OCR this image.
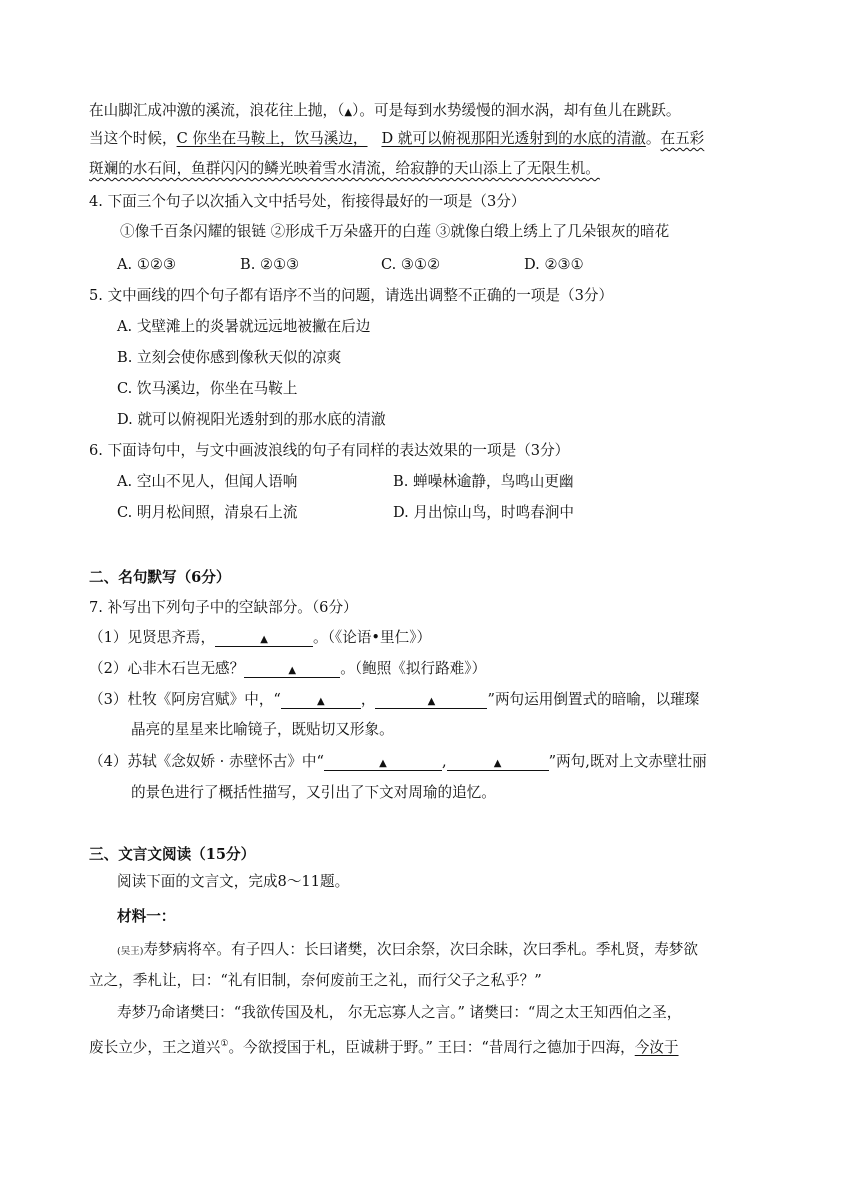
在山脚汇成冲激的溪流，浪花往上抛，（▲）。可是每到水势缓慢的洄水涡，却有鱼儿在跳跃。
当这个时候，C 你坐在马鞍上，饮马溪边， D 就可以俯视那阳光透射到的水底的清澈。在五彩
斑斓的水石间，鱼群闪闪的鳞光映着雪水清流，给寂静的天山添上了无限生机。
4. 下面三个句子以次插入文中括号处，衔接得最好的一项是（3分）
①像千百条闪耀的银链 ②形成千万朵盛开的白莲 ③就像白缎上绣上了几朵银灰的暗花
A. ①②③	B. ②①③	C. ③①②	D. ②③①
5. 文中画线的四个句子都有语序不当的问题，请选出调整不正确的一项是（3分）
A. 戈壁滩上的炎暑就远远地被撇在后边
B. 立刻会使你感到像秋天似的凉爽
C. 饮马溪边，你坐在马鞍上
D. 就可以俯视阳光透射到的那水底的清澈
6. 下面诗句中，与文中画波浪线的句子有同样的表达效果的一项是（3分）
A. 空山不见人，但闻人语响	B. 蝉噪林逾静，鸟鸣山更幽
C. 明月松间照，清泉石上流	D. 月出惊山鸟，时鸣春涧中
二、名句默写（6分）
7. 补写出下列句子中的空缺部分。（6分）
（1）见贤思齐焉，	▲	。（《论语•里仁》）
（2）心非木石岂无感？	▲	。（鲍照《拟行路难》）
（3）杜牧《阿房宫赋》中，“	▲ ，	▲	”两句运用倒置式的暗喻，以璀璨
晶亮的星星来比喻镜子，既贴切又形象。
（4）苏轼《念奴娇 · 赤壁怀古》中“	▲	,	▲	”两句,既对上文赤壁壮丽
的景色进行了概括性描写，又引出了下文对周瑜的追忆。
三、文言文阅读（15分）
阅读下面的文言文，完成8～11题。
材料一：
(吴王)寿梦病将卒。有子四人：长曰诸樊，次曰余祭，次曰余眛，次曰季札。季札贤，寿梦欲
立之，季札让，曰：“礼有旧制，奈何废前王之礼，而行父子之私乎？”
寿梦乃命诸樊曰：“我欲传国及札， 尔无忘寡人之言。” 诸樊曰：“周之太王知西伯之圣，
废长立少，王之道兴①。今欲授国于札，臣诚耕于野。” 王曰：“昔周行之德加于四海，今汝于
